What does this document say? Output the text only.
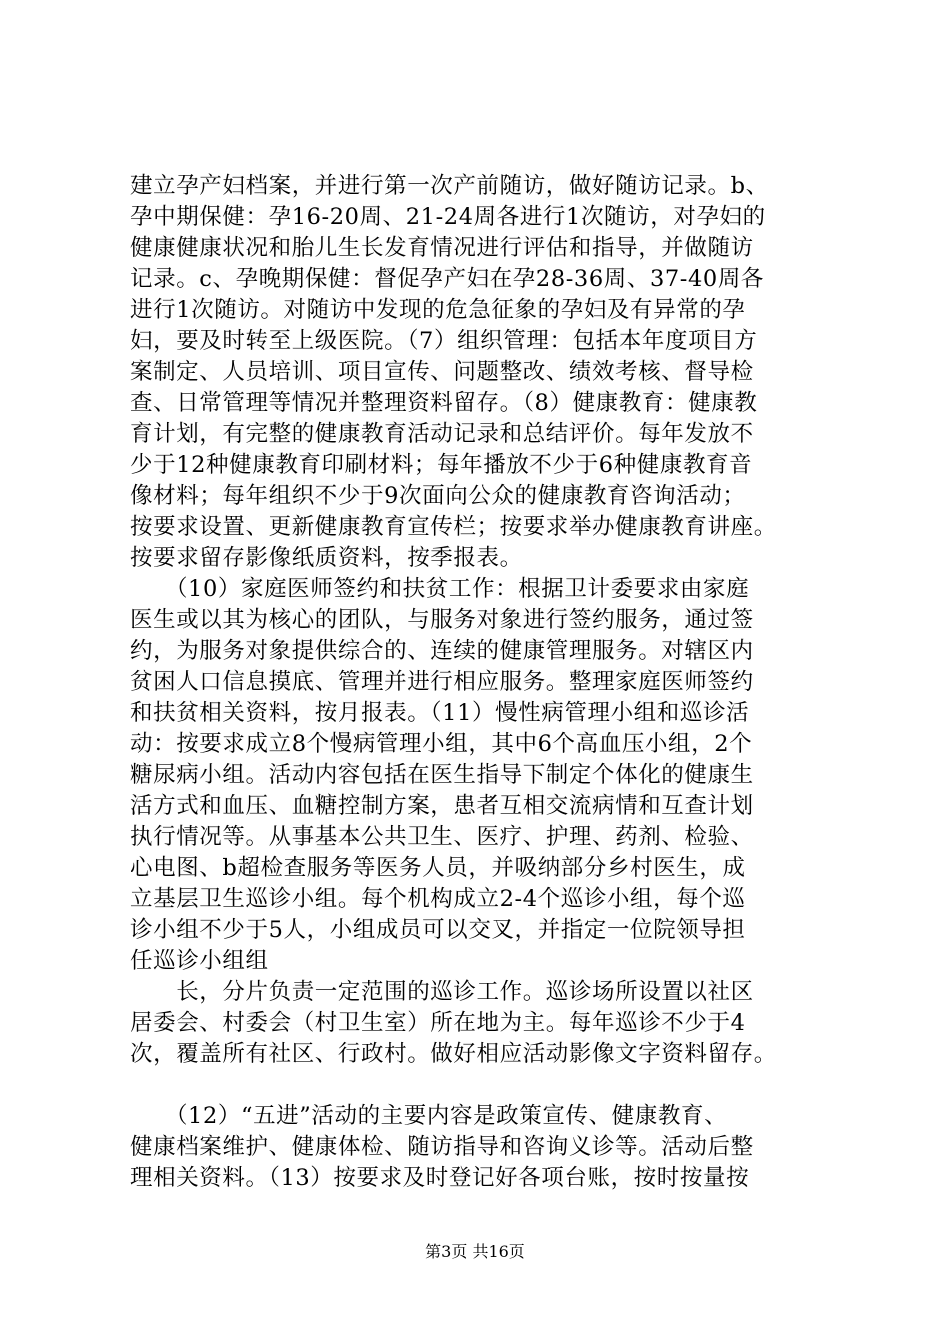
建立孕产妇档案，并进行第一次产前随访，做好随访记录。b、
孕中期保健：孕16-20周、21-24周各进行1次随访，对孕妇的
健康健康状况和胎儿生长发育情况进行评估和指导，并做随访
记录。c、孕晚期保健：督促孕产妇在孕28-36周、37-40周各
进行1次随访。对随访中发现的危急征象的孕妇及有异常的孕
妇，要及时转至上级医院。（7）组织管理：包括本年度项目方
案制定、人员培训、项目宣传、问题整改、绩效考核、督导检
查、日常管理等情况并整理资料留存。（8）健康教育：健康教
育计划，有完整的健康教育活动记录和总结评价。每年发放不
少于12种健康教育印刷材料；每年播放不少于6种健康教育音
像材料；每年组织不少于9次面向公众的健康教育咨询活动；
按要求设置、更新健康教育宣传栏；按要求举办健康教育讲座。
按要求留存影像纸质资料，按季报表。
　　（10）家庭医师签约和扶贫工作：根据卫计委要求由家庭
医生或以其为核心的团队，与服务对象进行签约服务，通过签
约，为服务对象提供综合的、连续的健康管理服务。对辖区内
贫困人口信息摸底、管理并进行相应服务。整理家庭医师签约
和扶贫相关资料，按月报表。（11）慢性病管理小组和巡诊活
动：按要求成立8个慢病管理小组，其中6个高血压小组，2个
糖尿病小组。活动内容包括在医生指导下制定个体化的健康生
活方式和血压、血糖控制方案，患者互相交流病情和互查计划
执行情况等。从事基本公共卫生、医疗、护理、药剂、检验、
心电图、b超检查服务等医务人员，并吸纳部分乡村医生，成
立基层卫生巡诊小组。每个机构成立2-4个巡诊小组，每个巡
诊小组不少于5人，小组成员可以交叉，并指定一位院领导担
任巡诊小组组
　　长，分片负责一定范围的巡诊工作。巡诊场所设置以社区
居委会、村委会（村卫生室）所在地为主。每年巡诊不少于4
次，覆盖所有社区、行政村。做好相应活动影像文字资料留存。
　　（12）“五进”活动的主要内容是政策宣传、健康教育、
健康档案维护、健康体检、随访指导和咨询义诊等。活动后整
理相关资料。（13）按要求及时登记好各项台账，按时按量按
第3页 共16页
